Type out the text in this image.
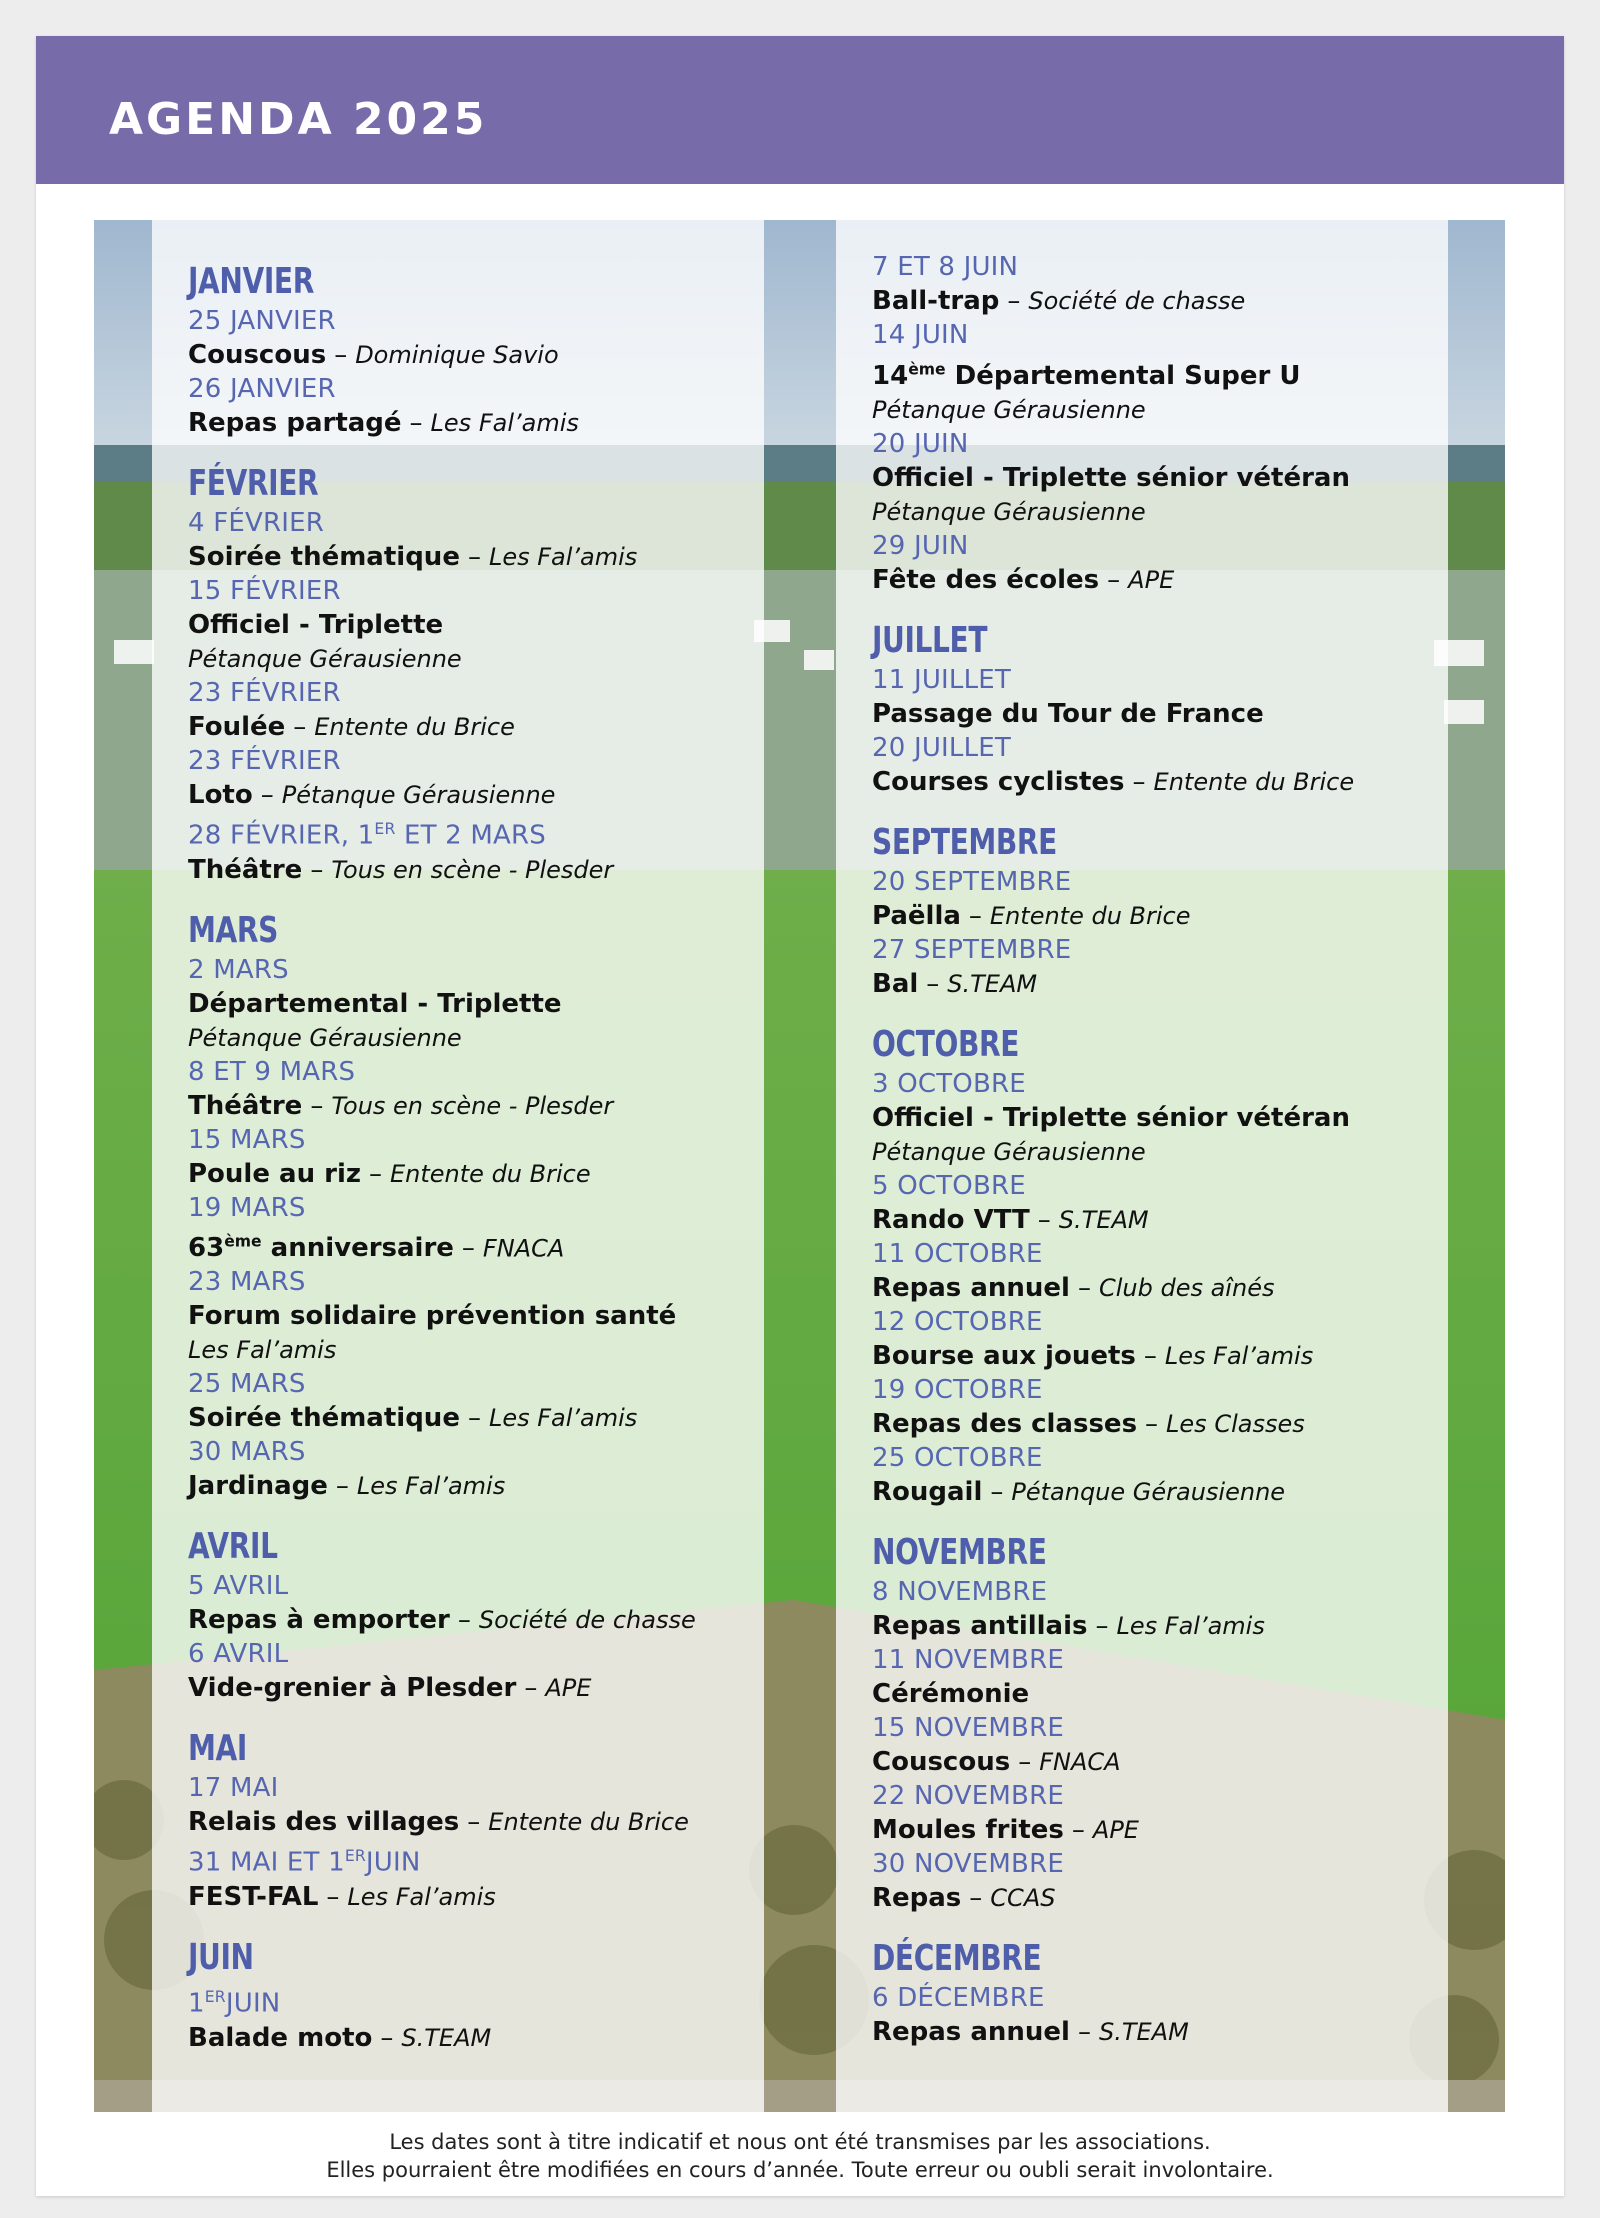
AGENDA 2025
JANVIER
25 JANVIER
Couscous – Dominique Savio
26 JANVIER
Repas partagé – Les Fal’amis
FÉVRIER
4 FÉVRIER
Soirée thématique – Les Fal’amis
15 FÉVRIER
Officiel - Triplette
Pétanque Gérausienne
23 FÉVRIER
Foulée – Entente du Brice
23 FÉVRIER
Loto – Pétanque Gérausienne
28 FÉVRIER, 1ER ET 2 MARS
Théâtre – Tous en scène - Plesder
MARS
2 MARS
Départemental - Triplette
Pétanque Gérausienne
8 ET 9 MARS
Théâtre – Tous en scène - Plesder
15 MARS
Poule au riz – Entente du Brice
19 MARS
63ème anniversaire – FNACA
23 MARS
Forum solidaire prévention santé
Les Fal’amis
25 MARS
Soirée thématique – Les Fal’amis
30 MARS
Jardinage – Les Fal’amis
AVRIL
5 AVRIL
Repas à emporter – Société de chasse
6 AVRIL
Vide-grenier à Plesder – APE
MAI
17 MAI
Relais des villages – Entente du Brice
31 MAI ET 1ERJUIN
FEST-FAL – Les Fal’amis
JUIN
1ERJUIN
Balade moto – S.TEAM
7 ET 8 JUIN
Ball-trap – Société de chasse
14 JUIN
14ème Départemental Super U
Pétanque Gérausienne
20 JUIN
Officiel - Triplette sénior vétéran
Pétanque Gérausienne
29 JUIN
Fête des écoles – APE
JUILLET
11 JUILLET
Passage du Tour de France
20 JUILLET
Courses cyclistes – Entente du Brice
SEPTEMBRE
20 SEPTEMBRE
Paëlla – Entente du Brice
27 SEPTEMBRE
Bal – S.TEAM
OCTOBRE
3 OCTOBRE
Officiel - Triplette sénior vétéran
Pétanque Gérausienne
5 OCTOBRE
Rando VTT – S.TEAM
11 OCTOBRE
Repas annuel – Club des aînés
12 OCTOBRE
Bourse aux jouets – Les Fal’amis
19 OCTOBRE
Repas des classes – Les Classes
25 OCTOBRE
Rougail – Pétanque Gérausienne
NOVEMBRE
8 NOVEMBRE
Repas antillais – Les Fal’amis
11 NOVEMBRE
Cérémonie
15 NOVEMBRE
Couscous – FNACA
22 NOVEMBRE
Moules frites – APE
30 NOVEMBRE
Repas – CCAS
DÉCEMBRE
6 DÉCEMBRE
Repas annuel – S.TEAM
Les dates sont à titre indicatif et nous ont été transmises par les associations.
Elles pourraient être modifiées en cours d’année. Toute erreur ou oubli serait involontaire.
